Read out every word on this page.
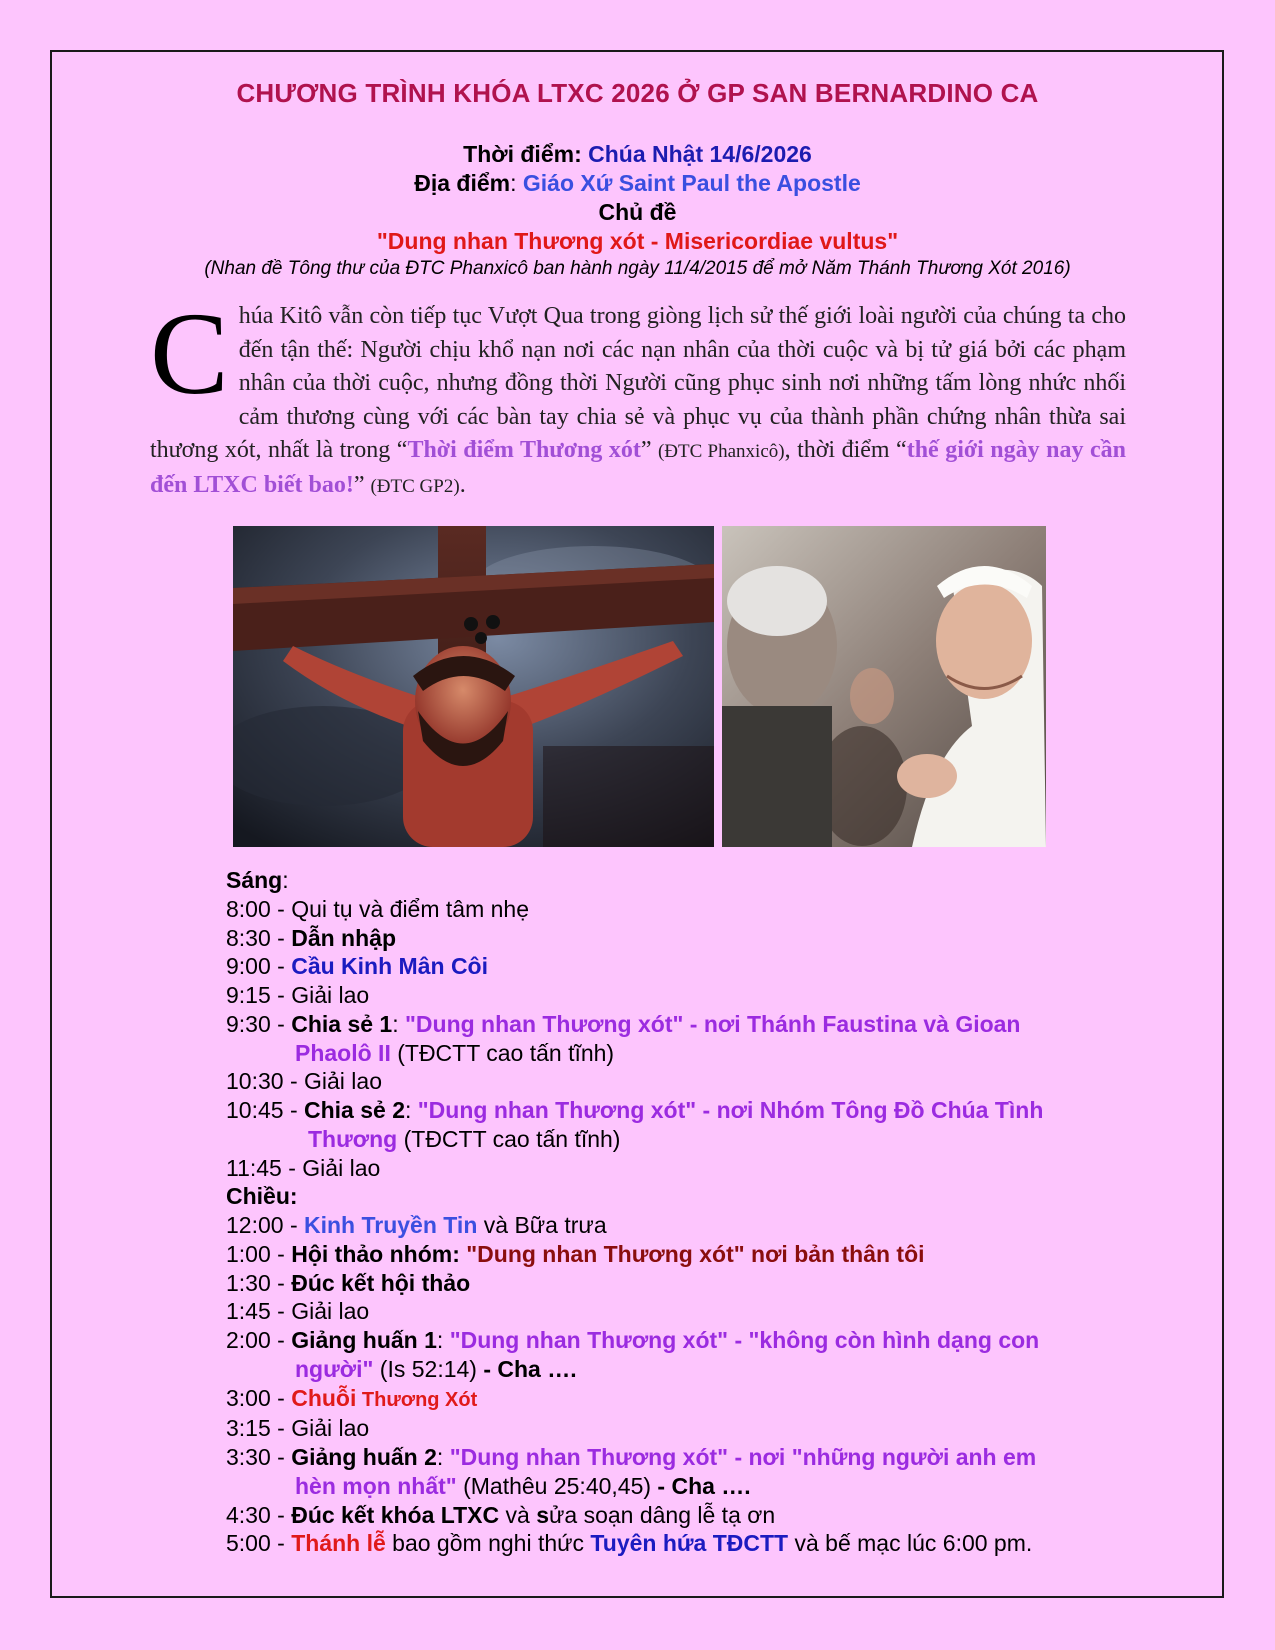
CHƯƠNG TRÌNH KHÓA LTXC 2026 Ở GP SAN BERNARDINO CA
Thời điểm: Chúa Nhật 14/6/2026
Địa điểm: Giáo Xứ Saint Paul the Apostle
Chủ đề
"Dung nhan Thương xót - Misericordiae vultus"
(Nhan đề Tông thư của ĐTC Phanxicô ban hành ngày 11/4/2015 để mở Năm Thánh Thương Xót 2016)
Chúa Kitô vẫn còn tiếp tục Vượt Qua trong giòng lịch sử thế giới loài người của chúng ta cho đến tận thế: Người chịu khổ nạn nơi các nạn nhân của thời cuộc và bị tử giá bởi các phạm nhân của thời cuộc, nhưng đồng thời Người cũng phục sinh nơi những tấm lòng nhức nhối cảm thương cùng với các bàn tay chia sẻ và phục vụ của thành phần chứng nhân thừa sai thương xót, nhất là trong “Thời điểm Thương xót” (ĐTC Phanxicô), thời điểm “thế giới ngày nay cần đến LTXC biết bao!” (ĐTC GP2).
Sáng:
8:00 - Qui tụ và điểm tâm nhẹ
8:30 - Dẫn nhập
9:00 - Cầu Kinh Mân Côi
9:15 - Giải lao
9:30 - Chia sẻ 1: "Dung nhan Thương xót" - nơi Thánh Faustina và Gioan
Phaolô II (TĐCTT cao tấn tĩnh)
10:30 - Giải lao
10:45 - Chia sẻ 2: "Dung nhan Thương xót" - nơi Nhóm Tông Đồ Chúa Tình
Thương (TĐCTT cao tấn tĩnh)
11:45 - Giải lao
Chiều:
12:00 - Kinh Truyền Tin và Bữa trưa
1:00 - Hội thảo nhóm: "Dung nhan Thương xót" nơi bản thân tôi
1:30 - Đúc kết hội thảo
1:45 - Giải lao
2:00 - Giảng huấn 1: "Dung nhan Thương xót" - "không còn hình dạng con
người" (Is 52:14) - Cha ….
3:00 - Chuỗi Thương Xót
3:15 - Giải lao
3:30 - Giảng huấn 2: "Dung nhan Thương xót" - nơi "những người anh em
hèn mọn nhất" (Mathêu 25:40,45) - Cha ….
4:30 - Đúc kết khóa LTXC và sửa soạn dâng lễ tạ ơn
5:00 - Thánh lễ bao gồm nghi thức Tuyên hứa TĐCTT và bế mạc lúc 6:00 pm.
